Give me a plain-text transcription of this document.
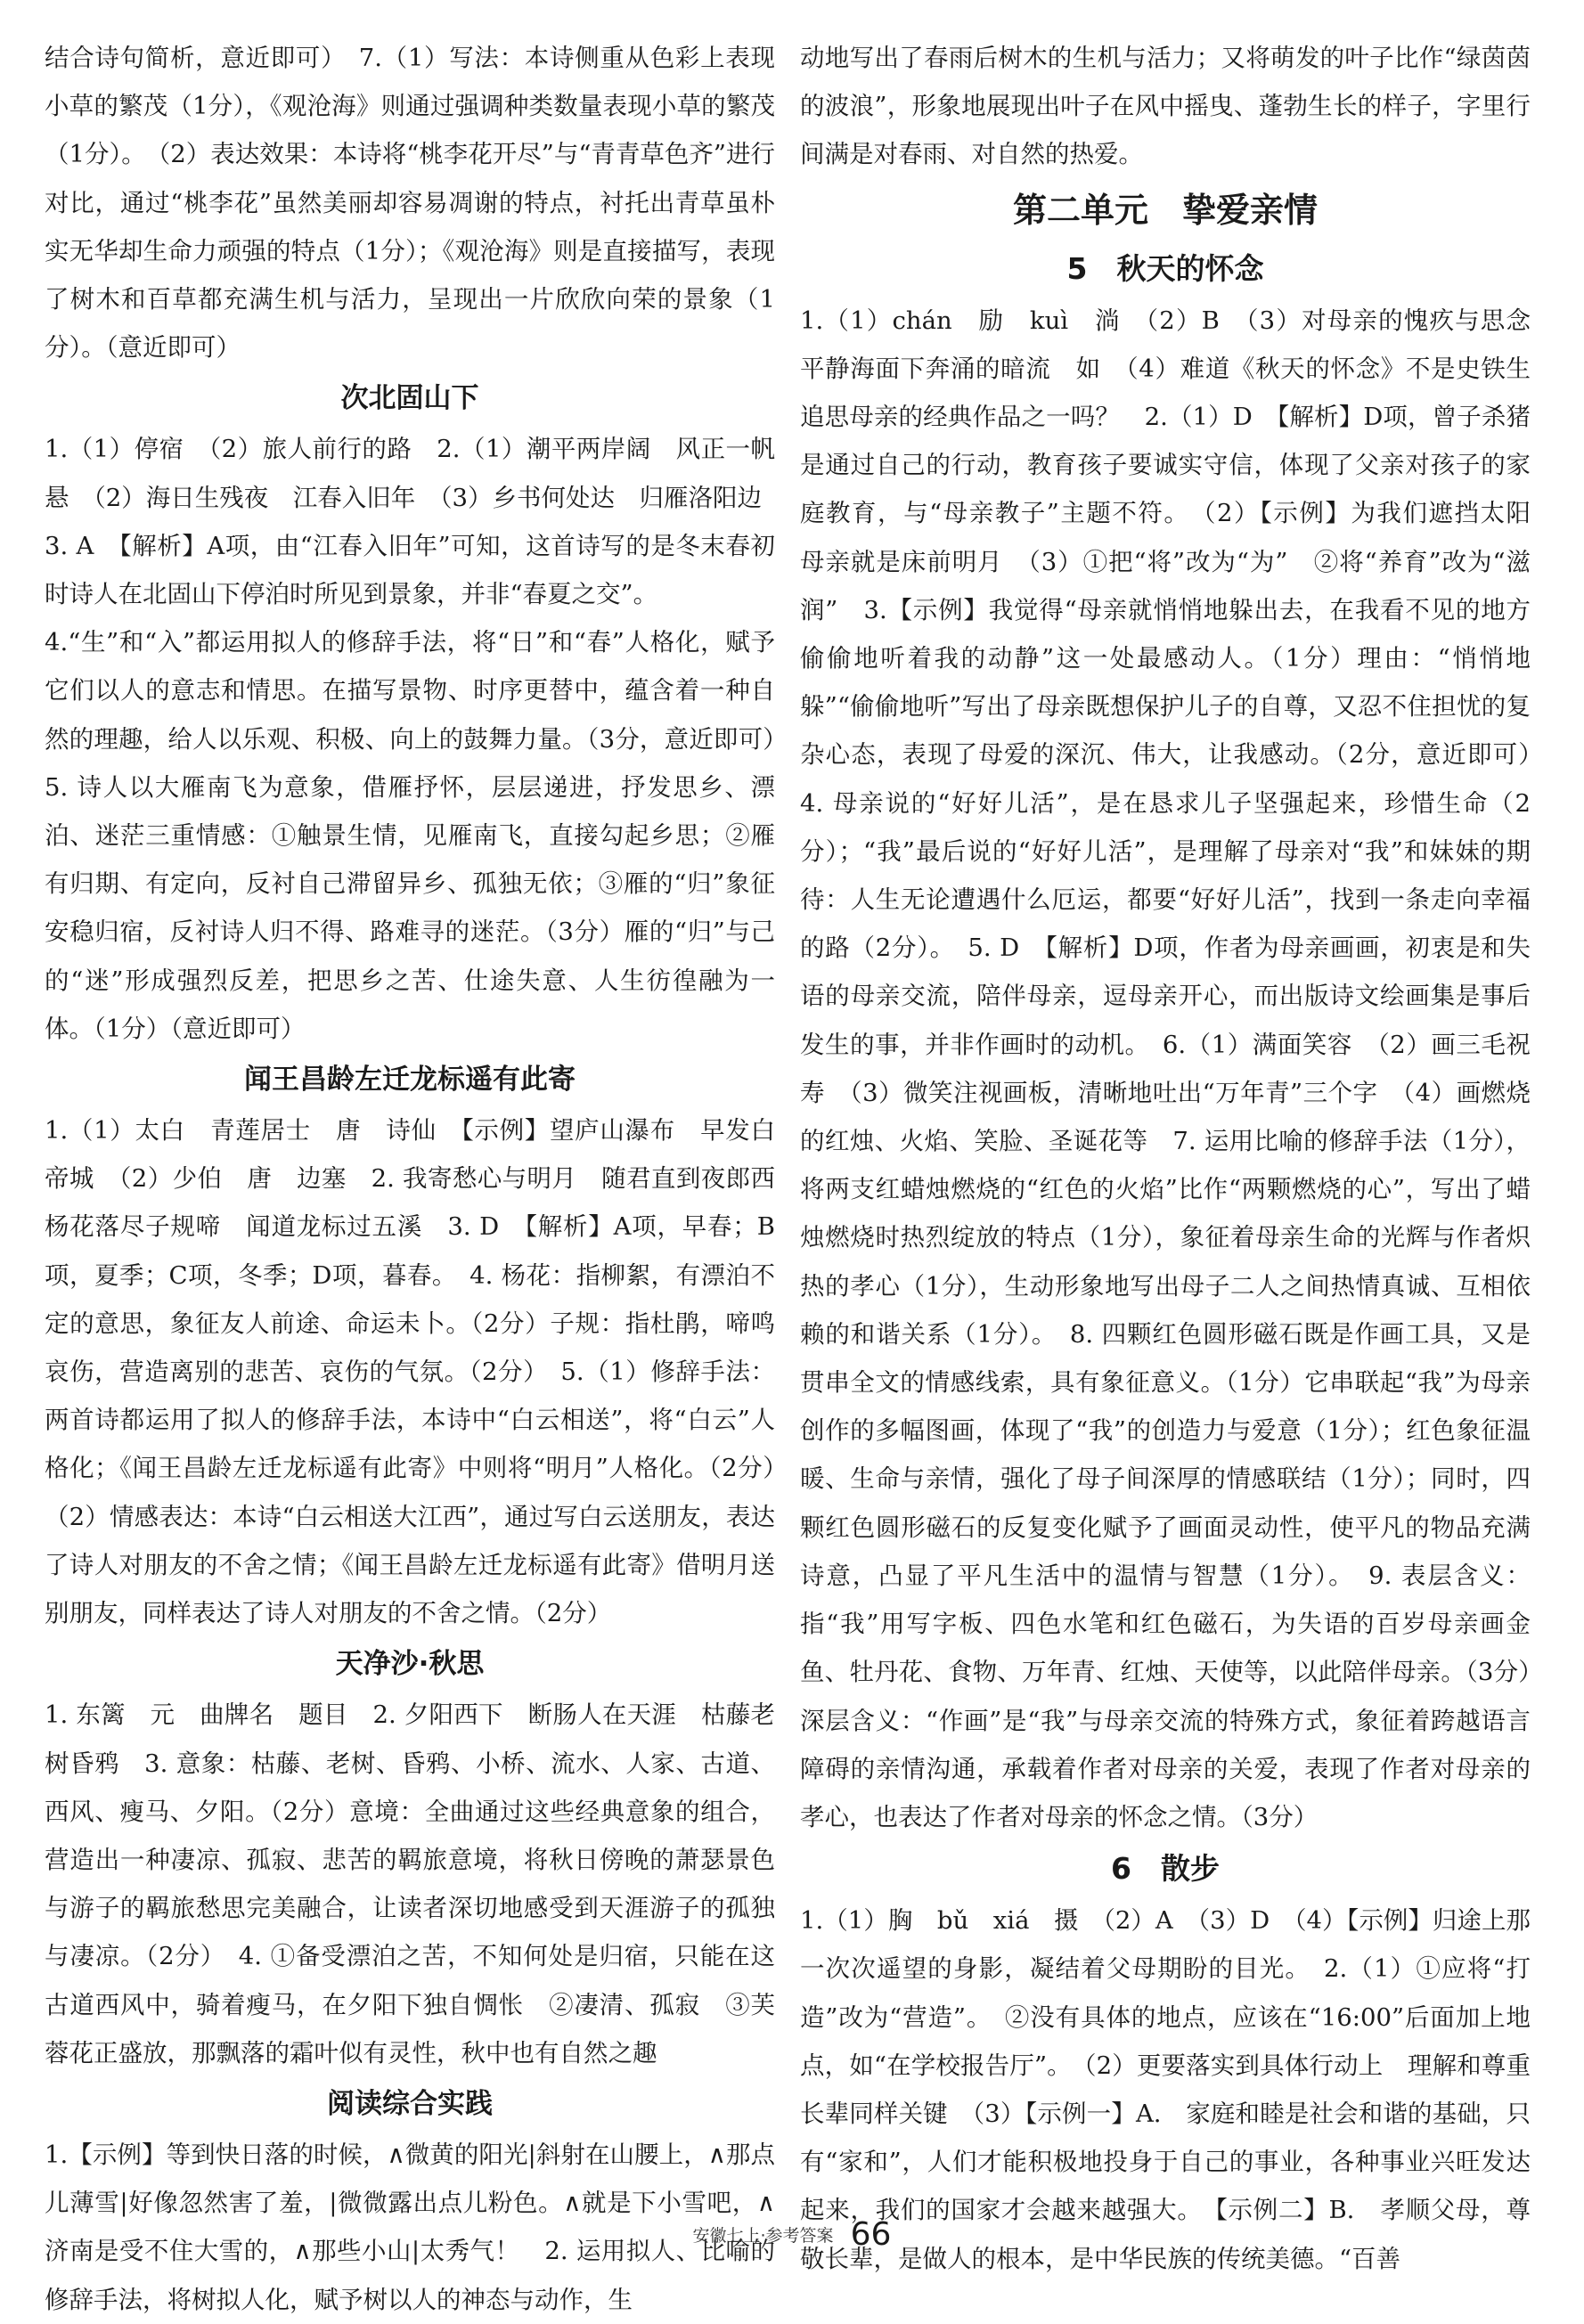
结合诗句简析，意近即可）　7.（1）写法：本诗侧重从色彩上表现小草的繁茂（1分），《观沧海》则通过强调种类数量表现小草的繁茂（1分）。　（2）表达效果：本诗将“桃李花开尽”与“青青草色齐”进行对比，通过“桃李花”虽然美丽却容易凋谢的特点，衬托出青草虽朴实无华却生命力顽强的特点（1分）；《观沧海》则是直接描写，表现了树木和百草都充满生机与活力，呈现出一片欣欣向荣的景象（1分）。（意近即可）

次北固山下

1.（1）停宿　（2）旅人前行的路　2.（1）潮平两岸阔　风正一帆悬　（2）海日生残夜　江春入旧年　（3）乡书何处达　归雁洛阳边

3. A　【解析】A项，由“江春入旧年”可知，这首诗写的是冬末春初时诗人在北固山下停泊时所见到景象，并非“春夏之交”。

4.“生”和“入”都运用拟人的修辞手法，将“日”和“春”人格化，赋予它们以人的意志和情思。在描写景物、时序更替中，蕴含着一种自然的理趣，给人以乐观、积极、向上的鼓舞力量。（3分，意近即可）　5. 诗人以大雁南飞为意象，借雁抒怀，层层递进，抒发思乡、漂泊、迷茫三重情感：①触景生情，见雁南飞，直接勾起乡思；②雁有归期、有定向，反衬自己滞留异乡、孤独无依；③雁的“归”象征安稳归宿，反衬诗人归不得、路难寻的迷茫。（3分）雁的“归”与己的“迷”形成强烈反差，把思乡之苦、仕途失意、人生彷徨融为一体。（1分）（意近即可）

闻王昌龄左迁龙标遥有此寄

1.（1）太白　青莲居士　唐　诗仙　【示例】望庐山瀑布　早发白帝城　（2）少伯　唐　边塞　2. 我寄愁心与明月　随君直到夜郎西　杨花落尽子规啼　闻道龙标过五溪　3. D　【解析】A项，早春；B项，夏季；C项，冬季；D项，暮春。　4. 杨花：指柳絮，有漂泊不定的意思，象征友人前途、命运未卜。（2分）子规：指杜鹃，啼鸣哀伤，营造离别的悲苦、哀伤的气氛。（2分）　5.（1）修辞手法：两首诗都运用了拟人的修辞手法，本诗中“白云相送”，将“白云”人格化；《闻王昌龄左迁龙标遥有此寄》中则将“明月”人格化。（2分）　（2）情感表达：本诗“白云相送大江西”，通过写白云送朋友，表达了诗人对朋友的不舍之情；《闻王昌龄左迁龙标遥有此寄》借明月送别朋友，同样表达了诗人对朋友的不舍之情。（2分）

天净沙·秋思

1. 东篱　元　曲牌名　题目　2. 夕阳西下　断肠人在天涯　枯藤老树昏鸦　3. 意象：枯藤、老树、昏鸦、小桥、流水、人家、古道、西风、瘦马、夕阳。（2分）意境：全曲通过这些经典意象的组合，营造出一种凄凉、孤寂、悲苦的羁旅意境，将秋日傍晚的萧瑟景色与游子的羁旅愁思完美融合，让读者深切地感受到天涯游子的孤独与凄凉。（2分）　4. ①备受漂泊之苦，不知何处是归宿，只能在这古道西风中，骑着瘦马，在夕阳下独自惆怅　②凄清、孤寂　③芙蓉花正盛放，那飘落的霜叶似有灵性，秋中也有自然之趣

阅读综合实践

1.【示例】等到快日落的时候，∧微黄的阳光|斜射在山腰上，∧那点儿薄雪|好像忽然害了羞，|微微露出点儿粉色。∧就是下小雪吧，∧济南是受不住大雪的，∧那些小山|太秀气！　2. 运用拟人、比喻的修辞手法，将树拟人化，赋予树以人的神态与动作，生

动地写出了春雨后树木的生机与活力；又将萌发的叶子比作“绿茵茵的波浪”，形象地展现出叶子在风中摇曳、蓬勃生长的样子，字里行间满是对春雨、对自然的热爱。

第二单元　挚爱亲情
5　秋天的怀念

1.（1）chán　励　kuì　淌　（2）B　（3）对母亲的愧疚与思念　平静海面下奔涌的暗流　如　（4）难道《秋天的怀念》不是史铁生追思母亲的经典作品之一吗？　2.（1）D　【解析】D项，曾子杀猪是通过自己的行动，教育孩子要诚实守信，体现了父亲对孩子的家庭教育，与“母亲教子”主题不符。　（2）【示例】为我们遮挡太阳　母亲就是床前明月　（3）①把“将”改为“为”　②将“养育”改为“滋润”　3.【示例】我觉得“母亲就悄悄地躲出去，在我看不见的地方偷偷地听着我的动静”这一处最感动人。（1分）理由：“悄悄地躲”“偷偷地听”写出了母亲既想保护儿子的自尊，又忍不住担忧的复杂心态，表现了母爱的深沉、伟大，让我感动。（2分，意近即可）　4. 母亲说的“好好儿活”，是在恳求儿子坚强起来，珍惜生命（2分）；“我”最后说的“好好儿活”，是理解了母亲对“我”和妹妹的期待：人生无论遭遇什么厄运，都要“好好儿活”，找到一条走向幸福的路（2分）。　5. D　【解析】D项，作者为母亲画画，初衷是和失语的母亲交流，陪伴母亲，逗母亲开心，而出版诗文绘画集是事后发生的事，并非作画时的动机。　6.（1）满面笑容　（2）画三毛祝寿　（3）微笑注视画板，清晰地吐出“万年青”三个字　（4）画燃烧的红烛、火焰、笑脸、圣诞花等　7. 运用比喻的修辞手法（1分），将两支红蜡烛燃烧的“红色的火焰”比作“两颗燃烧的心”，写出了蜡烛燃烧时热烈绽放的特点（1分），象征着母亲生命的光辉与作者炽热的孝心（1分），生动形象地写出母子二人之间热情真诚、互相依赖的和谐关系（1分）。　8. 四颗红色圆形磁石既是作画工具，又是贯串全文的情感线索，具有象征意义。（1分）它串联起“我”为母亲创作的多幅图画，体现了“我”的创造力与爱意（1分）；红色象征温暖、生命与亲情，强化了母子间深厚的情感联结（1分）；同时，四颗红色圆形磁石的反复变化赋予了画面灵动性，使平凡的物品充满诗意，凸显了平凡生活中的温情与智慧（1分）。　9. 表层含义：指“我”用写字板、四色水笔和红色磁石，为失语的百岁母亲画金鱼、牡丹花、食物、万年青、红烛、天使等，以此陪伴母亲。（3分）深层含义：“作画”是“我”与母亲交流的特殊方式，象征着跨越语言障碍的亲情沟通，承载着作者对母亲的关爱，表现了作者对母亲的孝心，也表达了作者对母亲的怀念之情。（3分）

6　散步

1.（1）胸　bǔ　xiá　摄　（2）A　（3）D　（4）【示例】归途上那一次次遥望的身影，凝结着父母期盼的目光。　2.（1）①应将“打造”改为“营造”。　②没有具体的地点，应该在“16:00”后面加上地点，如“在学校报告厅”。　（2）更要落实到具体行动上　理解和尊重长辈同样关键　（3）【示例一】A.　家庭和睦是社会和谐的基础，只有“家和”，人们才能积极地投身于自己的事业，各种事业兴旺发达起来，我们的国家才会越来越强大。　【示例二】B.　孝顺父母，尊敬长辈，是做人的根本，是中华民族的传统美德。“百善

安徽七上·参考答案 66
